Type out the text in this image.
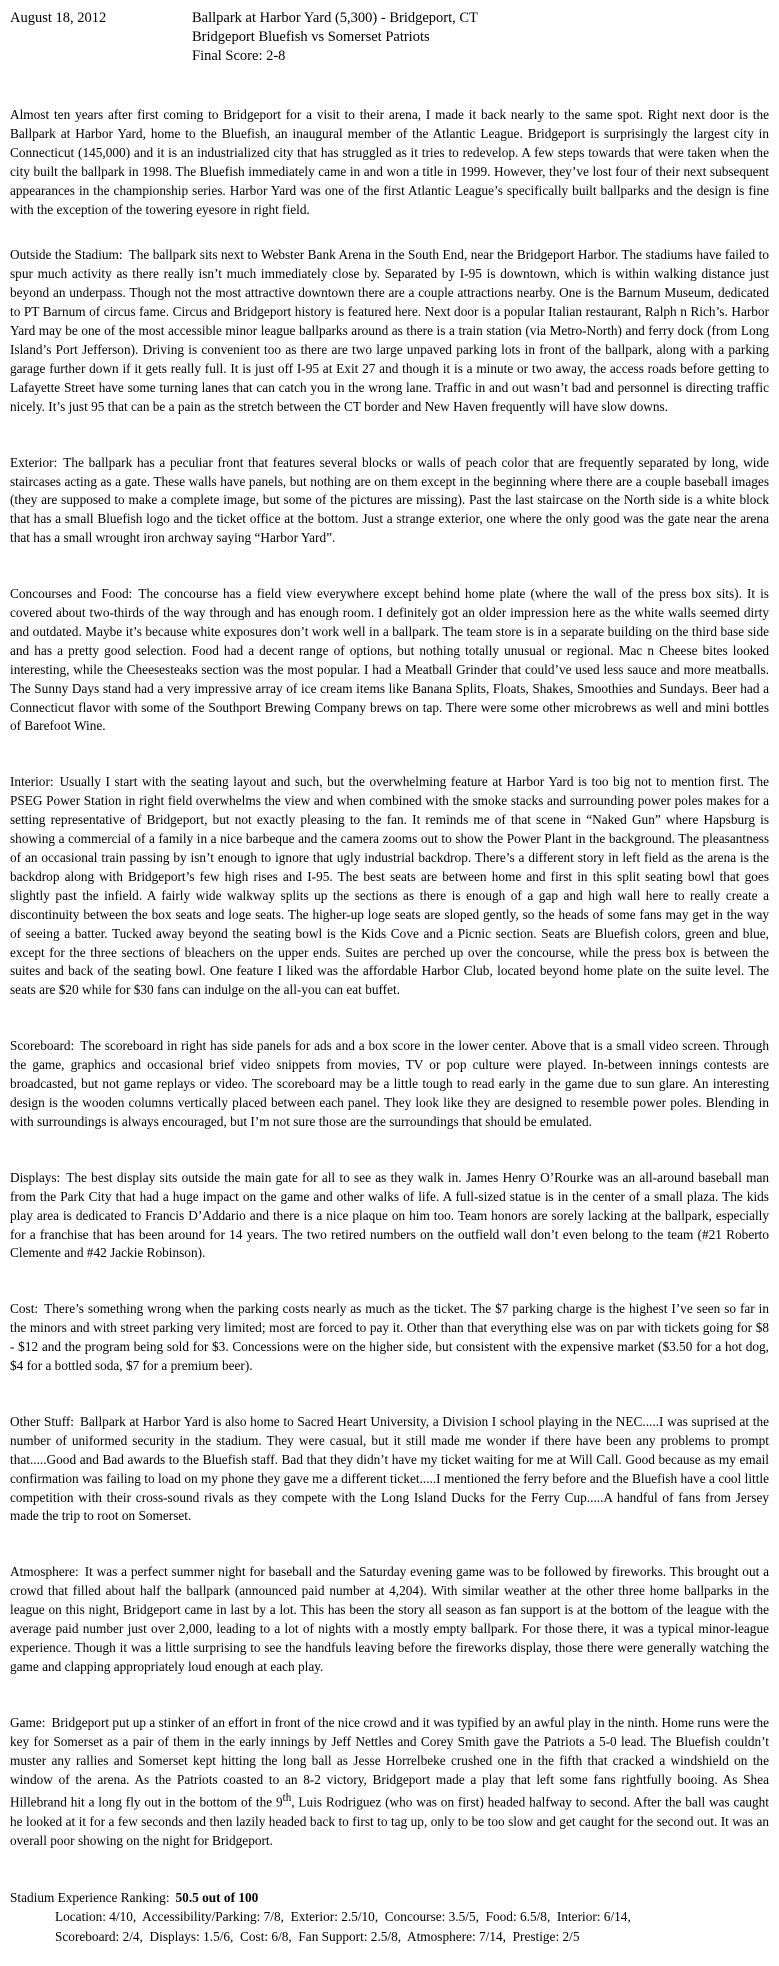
August 18, 2012	Ballpark at Harbor Yard (5,300) - Bridgeport, CT
Bridgeport Bluefish vs Somerset Patriots
Final Score: 2-8

Almost ten years after first coming to Bridgeport for a visit to their arena, I made it back nearly to the same spot. Right next door is the Ballpark at Harbor Yard, home to the Bluefish, an inaugural member of the Atlantic League. Bridgeport is surprisingly the largest city in Connecticut (145,000) and it is an industrialized city that has struggled as it tries to redevelop. A few steps towards that were taken when the city built the ballpark in 1998. The Bluefish immediately came in and won a title in 1999. However, they’ve lost four of their next subsequent appearances in the championship series. Harbor Yard was one of the first Atlantic League’s specifically built ballparks and the design is fine with the exception of the towering eyesore in right field.

Outside the Stadium: The ballpark sits next to Webster Bank Arena in the South End, near the Bridgeport Harbor. The stadiums have failed to spur much activity as there really isn’t much immediately close by. Separated by I-95 is downtown, which is within walking distance just beyond an underpass. Though not the most attractive downtown there are a couple attractions nearby. One is the Barnum Museum, dedicated to PT Barnum of circus fame. Circus and Bridgeport history is featured here. Next door is a popular Italian restaurant, Ralph n Rich’s. Harbor Yard may be one of the most accessible minor league ballparks around as there is a train station (via Metro-North) and ferry dock (from Long Island’s Port Jefferson). Driving is convenient too as there are two large unpaved parking lots in front of the ballpark, along with a parking garage further down if it gets really full. It is just off I-95 at Exit 27 and though it is a minute or two away, the access roads before getting to Lafayette Street have some turning lanes that can catch you in the wrong lane. Traffic in and out wasn’t bad and personnel is directing traffic nicely. It’s just 95 that can be a pain as the stretch between the CT border and New Haven frequently will have slow downs.

Exterior: The ballpark has a peculiar front that features several blocks or walls of peach color that are frequently separated by long, wide staircases acting as a gate. These walls have panels, but nothing are on them except in the beginning where there are a couple baseball images (they are supposed to make a complete image, but some of the pictures are missing). Past the last staircase on the North side is a white block that has a small Bluefish logo and the ticket office at the bottom. Just a strange exterior, one where the only good was the gate near the arena that has a small wrought iron archway saying “Harbor Yard”.

Concourses and Food: The concourse has a field view everywhere except behind home plate (where the wall of the press box sits). It is covered about two-thirds of the way through and has enough room. I definitely got an older impression here as the white walls seemed dirty and outdated. Maybe it’s because white exposures don’t work well in a ballpark. The team store is in a separate building on the third base side and has a pretty good selection. Food had a decent range of options, but nothing totally unusual or regional. Mac n Cheese bites looked interesting, while the Cheesesteaks section was the most popular. I had a Meatball Grinder that could’ve used less sauce and more meatballs. The Sunny Days stand had a very impressive array of ice cream items like Banana Splits, Floats, Shakes, Smoothies and Sundays. Beer had a Connecticut flavor with some of the Southport Brewing Company brews on tap. There were some other microbrews as well and mini bottles of Barefoot Wine.

Interior: Usually I start with the seating layout and such, but the overwhelming feature at Harbor Yard is too big not to mention first. The PSEG Power Station in right field overwhelms the view and when combined with the smoke stacks and surrounding power poles makes for a setting representative of Bridgeport, but not exactly pleasing to the fan. It reminds me of that scene in “Naked Gun” where Hapsburg is showing a commercial of a family in a nice barbeque and the camera zooms out to show the Power Plant in the background. The pleasantness of an occasional train passing by isn’t enough to ignore that ugly industrial backdrop. There’s a different story in left field as the arena is the backdrop along with Bridgeport’s few high rises and I-95. The best seats are between home and first in this split seating bowl that goes slightly past the infield. A fairly wide walkway splits up the sections as there is enough of a gap and high wall here to really create a discontinuity between the box seats and loge seats. The higher-up loge seats are sloped gently, so the heads of some fans may get in the way of seeing a batter. Tucked away beyond the seating bowl is the Kids Cove and a Picnic section. Seats are Bluefish colors, green and blue, except for the three sections of bleachers on the upper ends. Suites are perched up over the concourse, while the press box is between the suites and back of the seating bowl. One feature I liked was the affordable Harbor Club, located beyond home plate on the suite level. The seats are $20 while for $30 fans can indulge on the all-you can eat buffet.

Scoreboard: The scoreboard in right has side panels for ads and a box score in the lower center. Above that is a small video screen. Through the game, graphics and occasional brief video snippets from movies, TV or pop culture were played. In-between innings contests are broadcasted, but not game replays or video. The scoreboard may be a little tough to read early in the game due to sun glare. An interesting design is the wooden columns vertically placed between each panel. They look like they are designed to resemble power poles. Blending in with surroundings is always encouraged, but I’m not sure those are the surroundings that should be emulated.

Displays: The best display sits outside the main gate for all to see as they walk in. James Henry O’Rourke was an all-around baseball man from the Park City that had a huge impact on the game and other walks of life. A full-sized statue is in the center of a small plaza. The kids play area is dedicated to Francis D’Addario and there is a nice plaque on him too. Team honors are sorely lacking at the ballpark, especially for a franchise that has been around for 14 years. The two retired numbers on the outfield wall don’t even belong to the team (#21 Roberto Clemente and #42 Jackie Robinson).

Cost: There’s something wrong when the parking costs nearly as much as the ticket. The $7 parking charge is the highest I’ve seen so far in the minors and with street parking very limited; most are forced to pay it. Other than that everything else was on par with tickets going for $8 - $12 and the program being sold for $3. Concessions were on the higher side, but consistent with the expensive market ($3.50 for a hot dog, $4 for a bottled soda, $7 for a premium beer).

Other Stuff: Ballpark at Harbor Yard is also home to Sacred Heart University, a Division I school playing in the NEC.....I was suprised at the number of uniformed security in the stadium. They were casual, but it still made me wonder if there have been any problems to prompt that.....Good and Bad awards to the Bluefish staff. Bad that they didn’t have my ticket waiting for me at Will Call. Good because as my email confirmation was failing to load on my phone they gave me a different ticket.....I mentioned the ferry before and the Bluefish have a cool little competition with their cross-sound rivals as they compete with the Long Island Ducks for the Ferry Cup.....A handful of fans from Jersey made the trip to root on Somerset.

Atmosphere: It was a perfect summer night for baseball and the Saturday evening game was to be followed by fireworks. This brought out a crowd that filled about half the ballpark (announced paid number at 4,204). With similar weather at the other three home ballparks in the league on this night, Bridgeport came in last by a lot. This has been the story all season as fan support is at the bottom of the league with the average paid number just over 2,000, leading to a lot of nights with a mostly empty ballpark. For those there, it was a typical minor-league experience. Though it was a little surprising to see the handfuls leaving before the fireworks display, those there were generally watching the game and clapping appropriately loud enough at each play.

Game: Bridgeport put up a stinker of an effort in front of the nice crowd and it was typified by an awful play in the ninth. Home runs were the key for Somerset as a pair of them in the early innings by Jeff Nettles and Corey Smith gave the Patriots a 5-0 lead. The Bluefish couldn’t muster any rallies and Somerset kept hitting the long ball as Jesse Horrelbeke crushed one in the fifth that cracked a windshield on the window of the arena. As the Patriots coasted to an 8-2 victory, Bridgeport made a play that left some fans rightfully booing. As Shea Hillebrand hit a long fly out in the bottom of the 9th, Luis Rodriguez (who was on first) headed halfway to second. After the ball was caught he looked at it for a few seconds and then lazily headed back to first to tag up, only to be too slow and get caught for the second out. It was an overall poor showing on the night for Bridgeport.

Stadium Experience Ranking: 50.5 out of 100
Location: 4/10,  Accessibility/Parking: 7/8,  Exterior: 2.5/10,  Concourse: 3.5/5,  Food: 6.5/8,  Interior: 6/14,
Scoreboard: 2/4,  Displays: 1.5/6,  Cost: 6/8,  Fan Support: 2.5/8,  Atmosphere: 7/14,  Prestige: 2/5
